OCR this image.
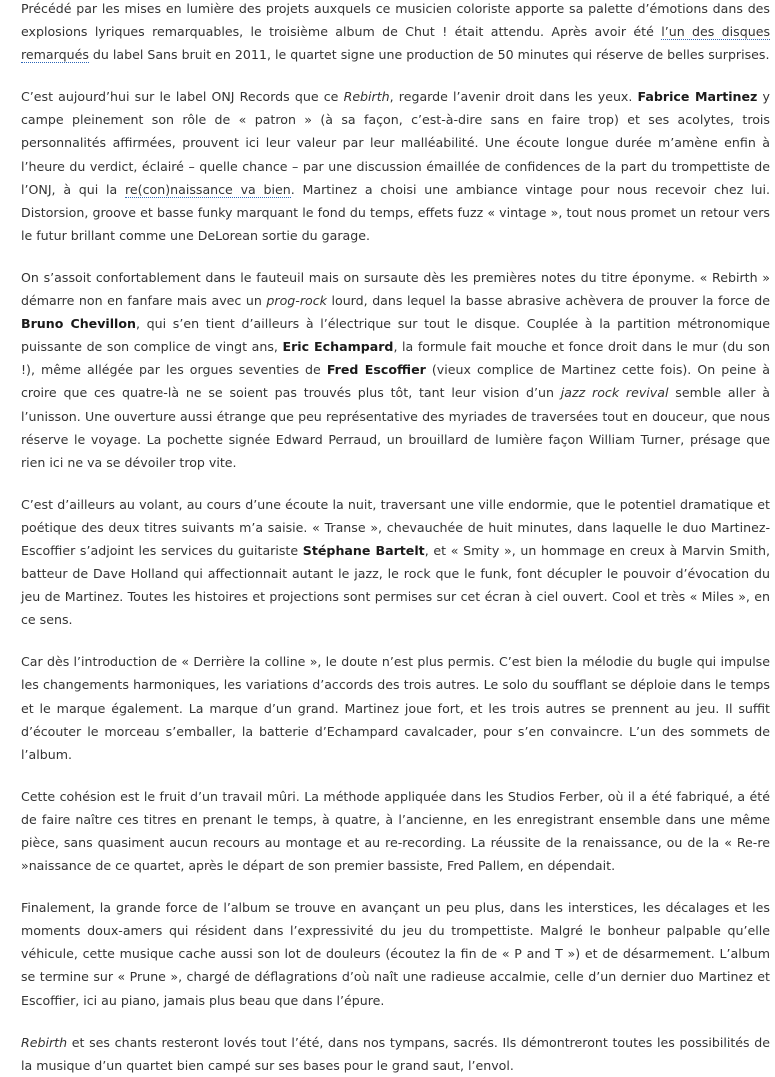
Précédé par les mises en lumière des projets auxquels ce musicien coloriste apporte sa palette d’émotions dans des explosions lyriques remarquables, le troisième album de Chut ! était attendu. Après avoir été l’un des disques remarqués du label Sans bruit en 2011, le quartet signe une production de 50 minutes qui réserve de belles surprises.

C’est aujourd’hui sur le label ONJ Records que ce Rebirth, regarde l’avenir droit dans les yeux. Fabrice Martinez y campe pleinement son rôle de « patron » (à sa façon, c’est-à-dire sans en faire trop) et ses acolytes, trois personnalités affirmées, prouvent ici leur valeur par leur malléabilité. Une écoute longue durée m’amène enfin à l’heure du verdict, éclairé – quelle chance – par une discussion émaillée de confidences de la part du trompettiste de l’ONJ, à qui la re(con)naissance va bien. Martinez a choisi une ambiance vintage pour nous recevoir chez lui. Distorsion, groove et basse funky marquant le fond du temps, effets fuzz « vintage », tout nous promet un retour vers le futur brillant comme une DeLorean sortie du garage.

On s’assoit confortablement dans le fauteuil mais on sursaute dès les premières notes du titre éponyme. « Rebirth » démarre non en fanfare mais avec un prog-rock lourd, dans lequel la basse abrasive achèvera de prouver la force de Bruno Chevillon, qui s’en tient d’ailleurs à l’électrique sur tout le disque. Couplée à la partition métronomique puissante de son complice de vingt ans, Eric Echampard, la formule fait mouche et fonce droit dans le mur (du son !), même allégée par les orgues seventies de Fred Escoffier (vieux complice de Martinez cette fois). On peine à croire que ces quatre-là ne se soient pas trouvés plus tôt, tant leur vision d’un jazz rock revival semble aller à l’unisson. Une ouverture aussi étrange que peu représentative des myriades de traversées tout en douceur, que nous réserve le voyage. La pochette signée Edward Perraud, un brouillard de lumière façon William Turner, présage que rien ici ne va se dévoiler trop vite.

C’est d’ailleurs au volant, au cours d’une écoute la nuit, traversant une ville endormie, que le potentiel dramatique et poétique des deux titres suivants m’a saisie. « Transe », chevauchée de huit minutes, dans laquelle le duo Martinez-Escoffier s’adjoint les services du guitariste Stéphane Bartelt, et « Smity », un hommage en creux à Marvin Smith, batteur de Dave Holland qui affectionnait autant le jazz, le rock que le funk, font décupler le pouvoir d’évocation du jeu de Martinez. Toutes les histoires et projections sont permises sur cet écran à ciel ouvert. Cool et très « Miles », en ce sens.

Car dès l’introduction de « Derrière la colline », le doute n’est plus permis. C’est bien la mélodie du bugle qui impulse les changements harmoniques, les variations d’accords des trois autres. Le solo du soufflant se déploie dans le temps et le marque également. La marque d’un grand. Martinez joue fort, et les trois autres se prennent au jeu. Il suffit d’écouter le morceau s’emballer, la batterie d’Echampard cavalcader, pour s’en convaincre. L’un des sommets de l’album.

Cette cohésion est le fruit d’un travail mûri. La méthode appliquée dans les Studios Ferber, où il a été fabriqué, a été de faire naître ces titres en prenant le temps, à quatre, à l’ancienne, en les enregistrant ensemble dans une même pièce, sans quasiment aucun recours au montage et au re-recording. La réussite de la renaissance, ou de la « Re-re »naissance de ce quartet, après le départ de son premier bassiste, Fred Pallem, en dépendait.

Finalement, la grande force de l’album se trouve en avançant un peu plus, dans les interstices, les décalages et les moments doux-amers qui résident dans l’expressivité du jeu du trompettiste. Malgré le bonheur palpable qu’elle véhicule, cette musique cache aussi son lot de douleurs (écoutez la fin de « P and T ») et de désarmement. L’album se termine sur « Prune », chargé de déflagrations d’où naît une radieuse accalmie, celle d’un dernier duo Martinez et Escoffier, ici au piano, jamais plus beau que dans l’épure.

Rebirth et ses chants resteront lovés tout l’été, dans nos tympans, sacrés. Ils démontreront toutes les possibilités de la musique d’un quartet bien campé sur ses bases pour le grand saut, l’envol.
